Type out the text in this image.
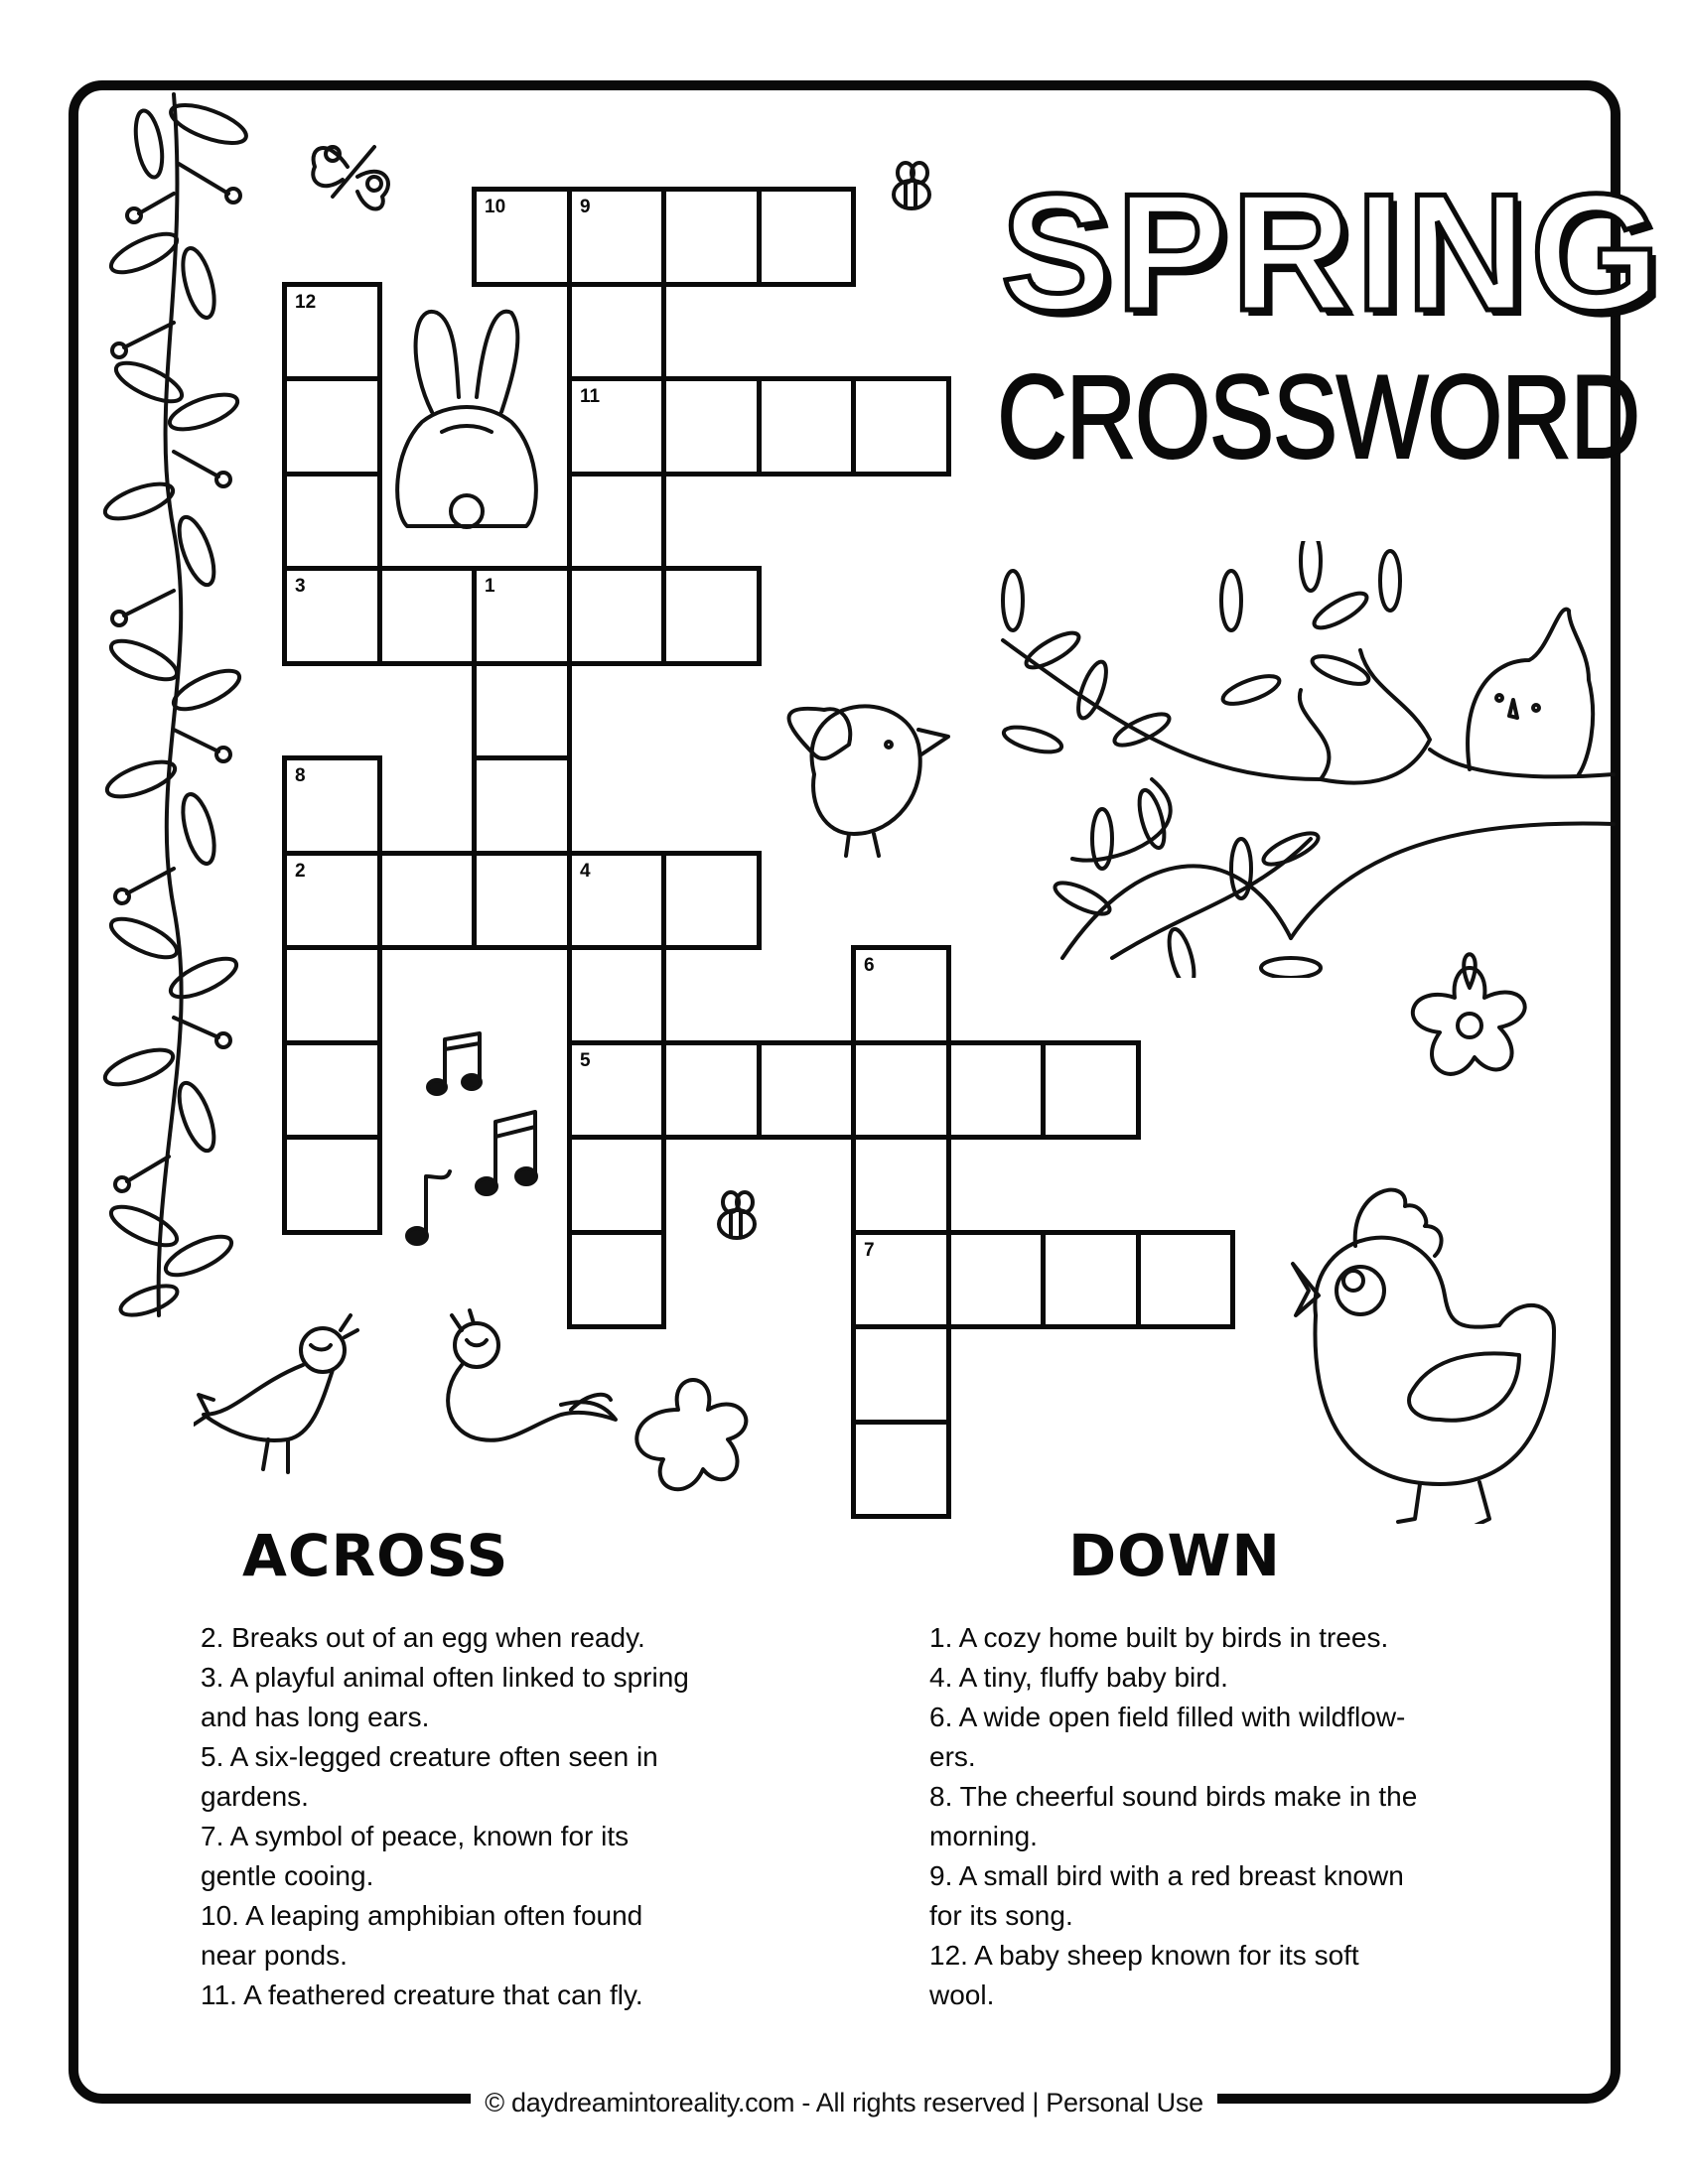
© daydreamintoreality.com - All rights reserved | Personal Use
SPRING
CROSSWORD
10	9
12
11
3	1
8
2	4
6
5
7
ACROSS	DOWN
2. Breaks out of an egg when ready.
3. A playful animal often linked to spring
and has long ears.
5. A six-legged creature often seen in
gardens.
7. A symbol of peace, known for its
gentle cooing.
10. A leaping amphibian often found
near ponds.
11. A feathered creature that can fly.
1. A cozy home built by birds in trees.
4. A tiny, fluffy baby bird.
6. A wide open field filled with wildflow-
ers.
8. The cheerful sound birds make in the
morning.
9. A small bird with a red breast known
for its song.
12. A baby sheep known for its soft
wool.
